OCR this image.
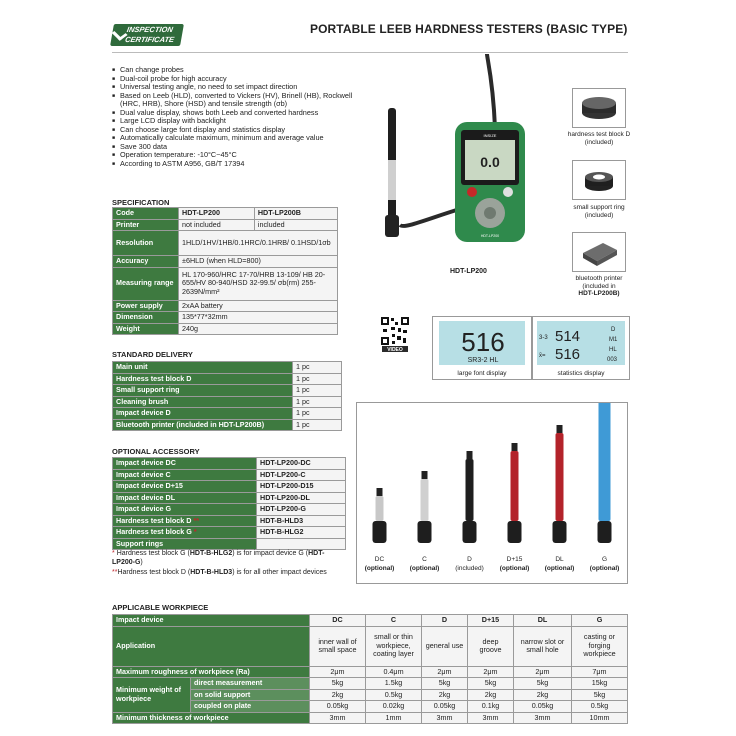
INSPECTION
CERTIFICATE
PORTABLE LEEB HARDNESS TESTERS (BASIC TYPE)
■ Can change probes
■ Dual-coil probe for high accuracy
■ Universal testing angle, no need to set impact direction
■ Based on Leeb (HLD), converted to Vickers (HV), Brinell (HB), Rockwell (HRC, HRB), Shore (HSD) and tensile strength (σb)
■ Dual value display, shows both Leeb and converted hardness
■ Large LCD display with backlight
■ Can choose large font display and statistics display
■ Automatically calculate maximum, minimum and average value
■ Save 300 data
■ Operation temperature: -10°C~45°C
■ According to ASTM A956, GB/T 17394
SPECIFICATION
Code	HDT-LP200	HDT-LP200B
Printer	not included	included
Resolution	1HLD/1HV/1HB/0.1HRC/0.1HRB/ 0.1HSD/1σb	
Accuracy	±6HLD (when HLD=800)	
Measuring range	HL 170-960/HRC 17-70/HRB 13-109/ HB 20-655/HV 80-940/HSD 32-99.5/ σb(rm) 255-2639N/mm²	
Power supply	2xAA battery	
Dimension	135*77*32mm	
Weight	240g	
STANDARD DELIVERY
Main unit	1 pc
Hardness test block D	1 pc
Small support ring	1 pc
Cleaning brush	1 pc
Impact device D	1 pc
Bluetooth printer (included in HDT-LP200B)	1 pc
OPTIONAL ACCESSORY
Impact device DC	HDT-LP200-DC
Impact device C	HDT-LP200-C
Impact device D+15	HDT-LP200-D15
Impact device DL	HDT-LP200-DL
Impact device G	HDT-LP200-G
Hardness test block D **	HDT-B-HLD3
Hardness test block G *	HDT-B-HLG2
Support rings	
* Hardness test block G (HDT-B-HLG2) is for impact device G (HDT-LP200-G)
**Hardness test block D (HDT-B-HLD3) is for all other impact devices
INSIZE
0.0
HDT-LP200
HDT-LP200
hardness test block D (included)
small support ring (included)
bluetooth printer (included in
HDT-LP200B)
VIDEO 516
SR3-2 HL
large font display
3-3 514
x̄= 516
D
M1
HL
003
statistics display
DC
(optional)
C
(optional)
D
(included)
D+15
(optional)
DL
(optional)
G
(optional)
APPLICABLE WORKPIECE
Impact device		DC	C	D	D+15	DL	G
Application		inner wall of small space	small or thin workpiece, coating layer	general use	deep groove	narrow slot or small hole	casting or forging workpiece
Maximum roughness of workpiece (Ra)		2μm	0.4μm	2μm	2μm	2μm	7μm
Minimum weight of workpiece	direct measurement	5kg	1.5kg	5kg	5kg	5kg	15kg
	on solid support	2kg	0.5kg	2kg	2kg	2kg	5kg
	coupled on plate	0.05kg	0.02kg	0.05kg	0.1kg	0.05kg	0.5kg
Minimum thickness of workpiece		3mm	1mm	3mm	3mm	3mm	10mm
